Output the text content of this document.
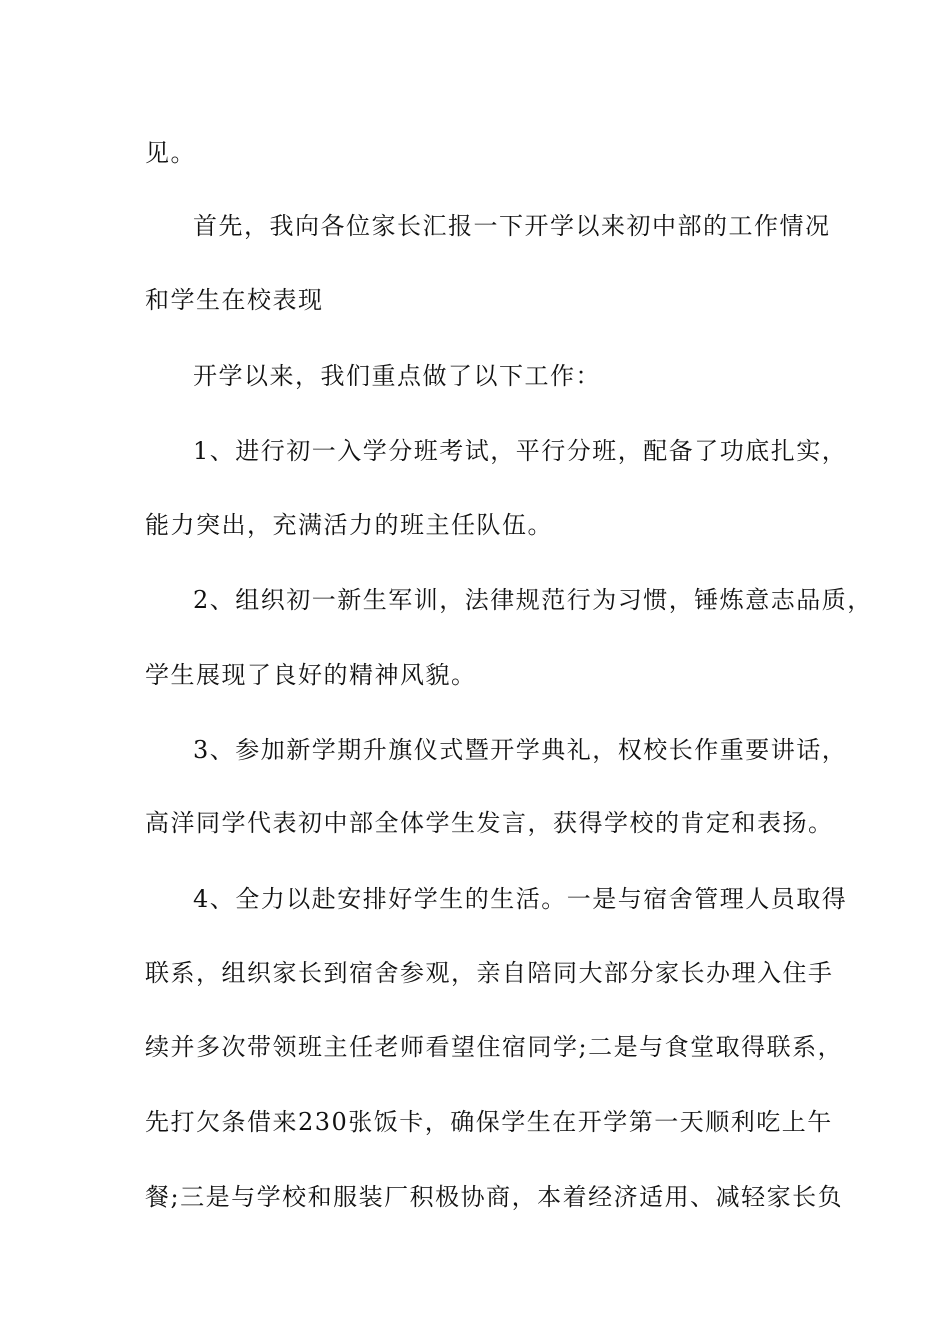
见。
首先，我向各位家长汇报一下开学以来初中部的工作情况
和学生在校表现
开学以来，我们重点做了以下工作：
1、进行初一入学分班考试，平行分班，配备了功底扎实，
能力突出，充满活力的班主任队伍。
2、组织初一新生军训，法律规范行为习惯，锤炼意志品质，
学生展现了良好的精神风貌。
3、参加新学期升旗仪式暨开学典礼，权校长作重要讲话，
高洋同学代表初中部全体学生发言，获得学校的肯定和表扬。
4、全力以赴安排好学生的生活。一是与宿舍管理人员取得
联系，组织家长到宿舍参观，亲自陪同大部分家长办理入住手
续并多次带领班主任老师看望住宿同学;二是与食堂取得联系，
先打欠条借来230张饭卡，确保学生在开学第一天顺利吃上午
餐;三是与学校和服装厂积极协商，本着经济适用、减轻家长负
